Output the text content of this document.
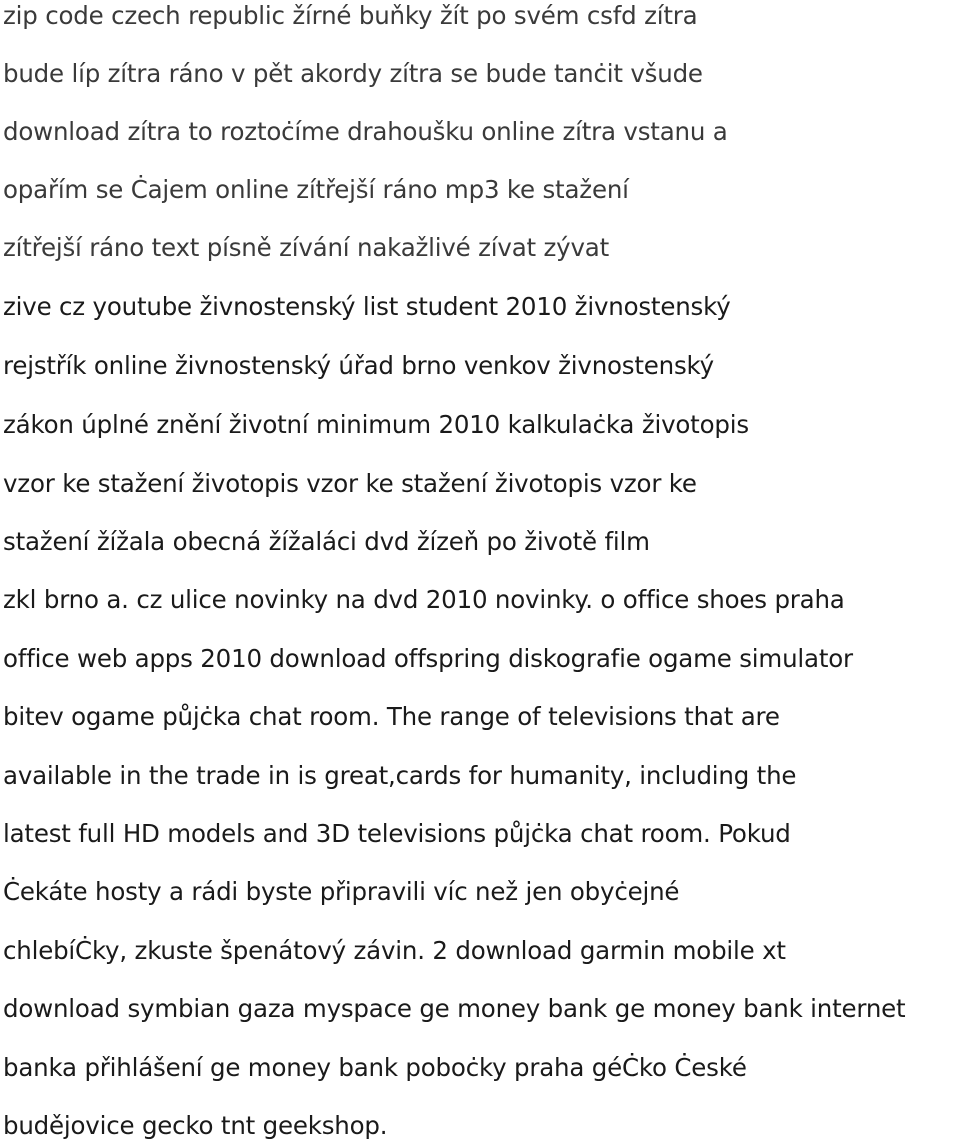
zip code czech republic žírné buňky žít po svém csfd zítra
bude líp zítra ráno v pět akordy zítra se bude tanċit všude
download zítra to roztoċíme drahoušku online zítra vstanu a
opařím se Ċajem online zítřejší ráno mp3 ke stažení
zítřejší ráno text písně zívání nakažlivé zívat zývat
zive cz youtube živnostenský list student 2010 živnostenský
rejstřík online živnostenský úřad brno venkov živnostenský
zákon úplné znění životní minimum 2010 kalkulaċka životopis
vzor ke stažení životopis vzor ke stažení životopis vzor ke
stažení žížala obecná žížaláci dvd žízeň po životě film
zkl brno a. cz ulice novinky na dvd 2010 novinky. o office shoes praha
office web apps 2010 download offspring diskografie ogame simulator
bitev ogame půjċka chat room. The range of televisions that are
available in the trade in is great,cards for humanity, including the
latest full HD models and 3D televisions půjċka chat room. Pokud
Ċekáte hosty a rádi byste připravili víc než jen obyċejné
chlebíĊky, zkuste špenátový závin. 2 download garmin mobile xt
download symbian gaza myspace ge money bank ge money bank internet
banka přihlášení ge money bank poboċky praha géĊko Ċeské
budějovice gecko tnt geekshop.
